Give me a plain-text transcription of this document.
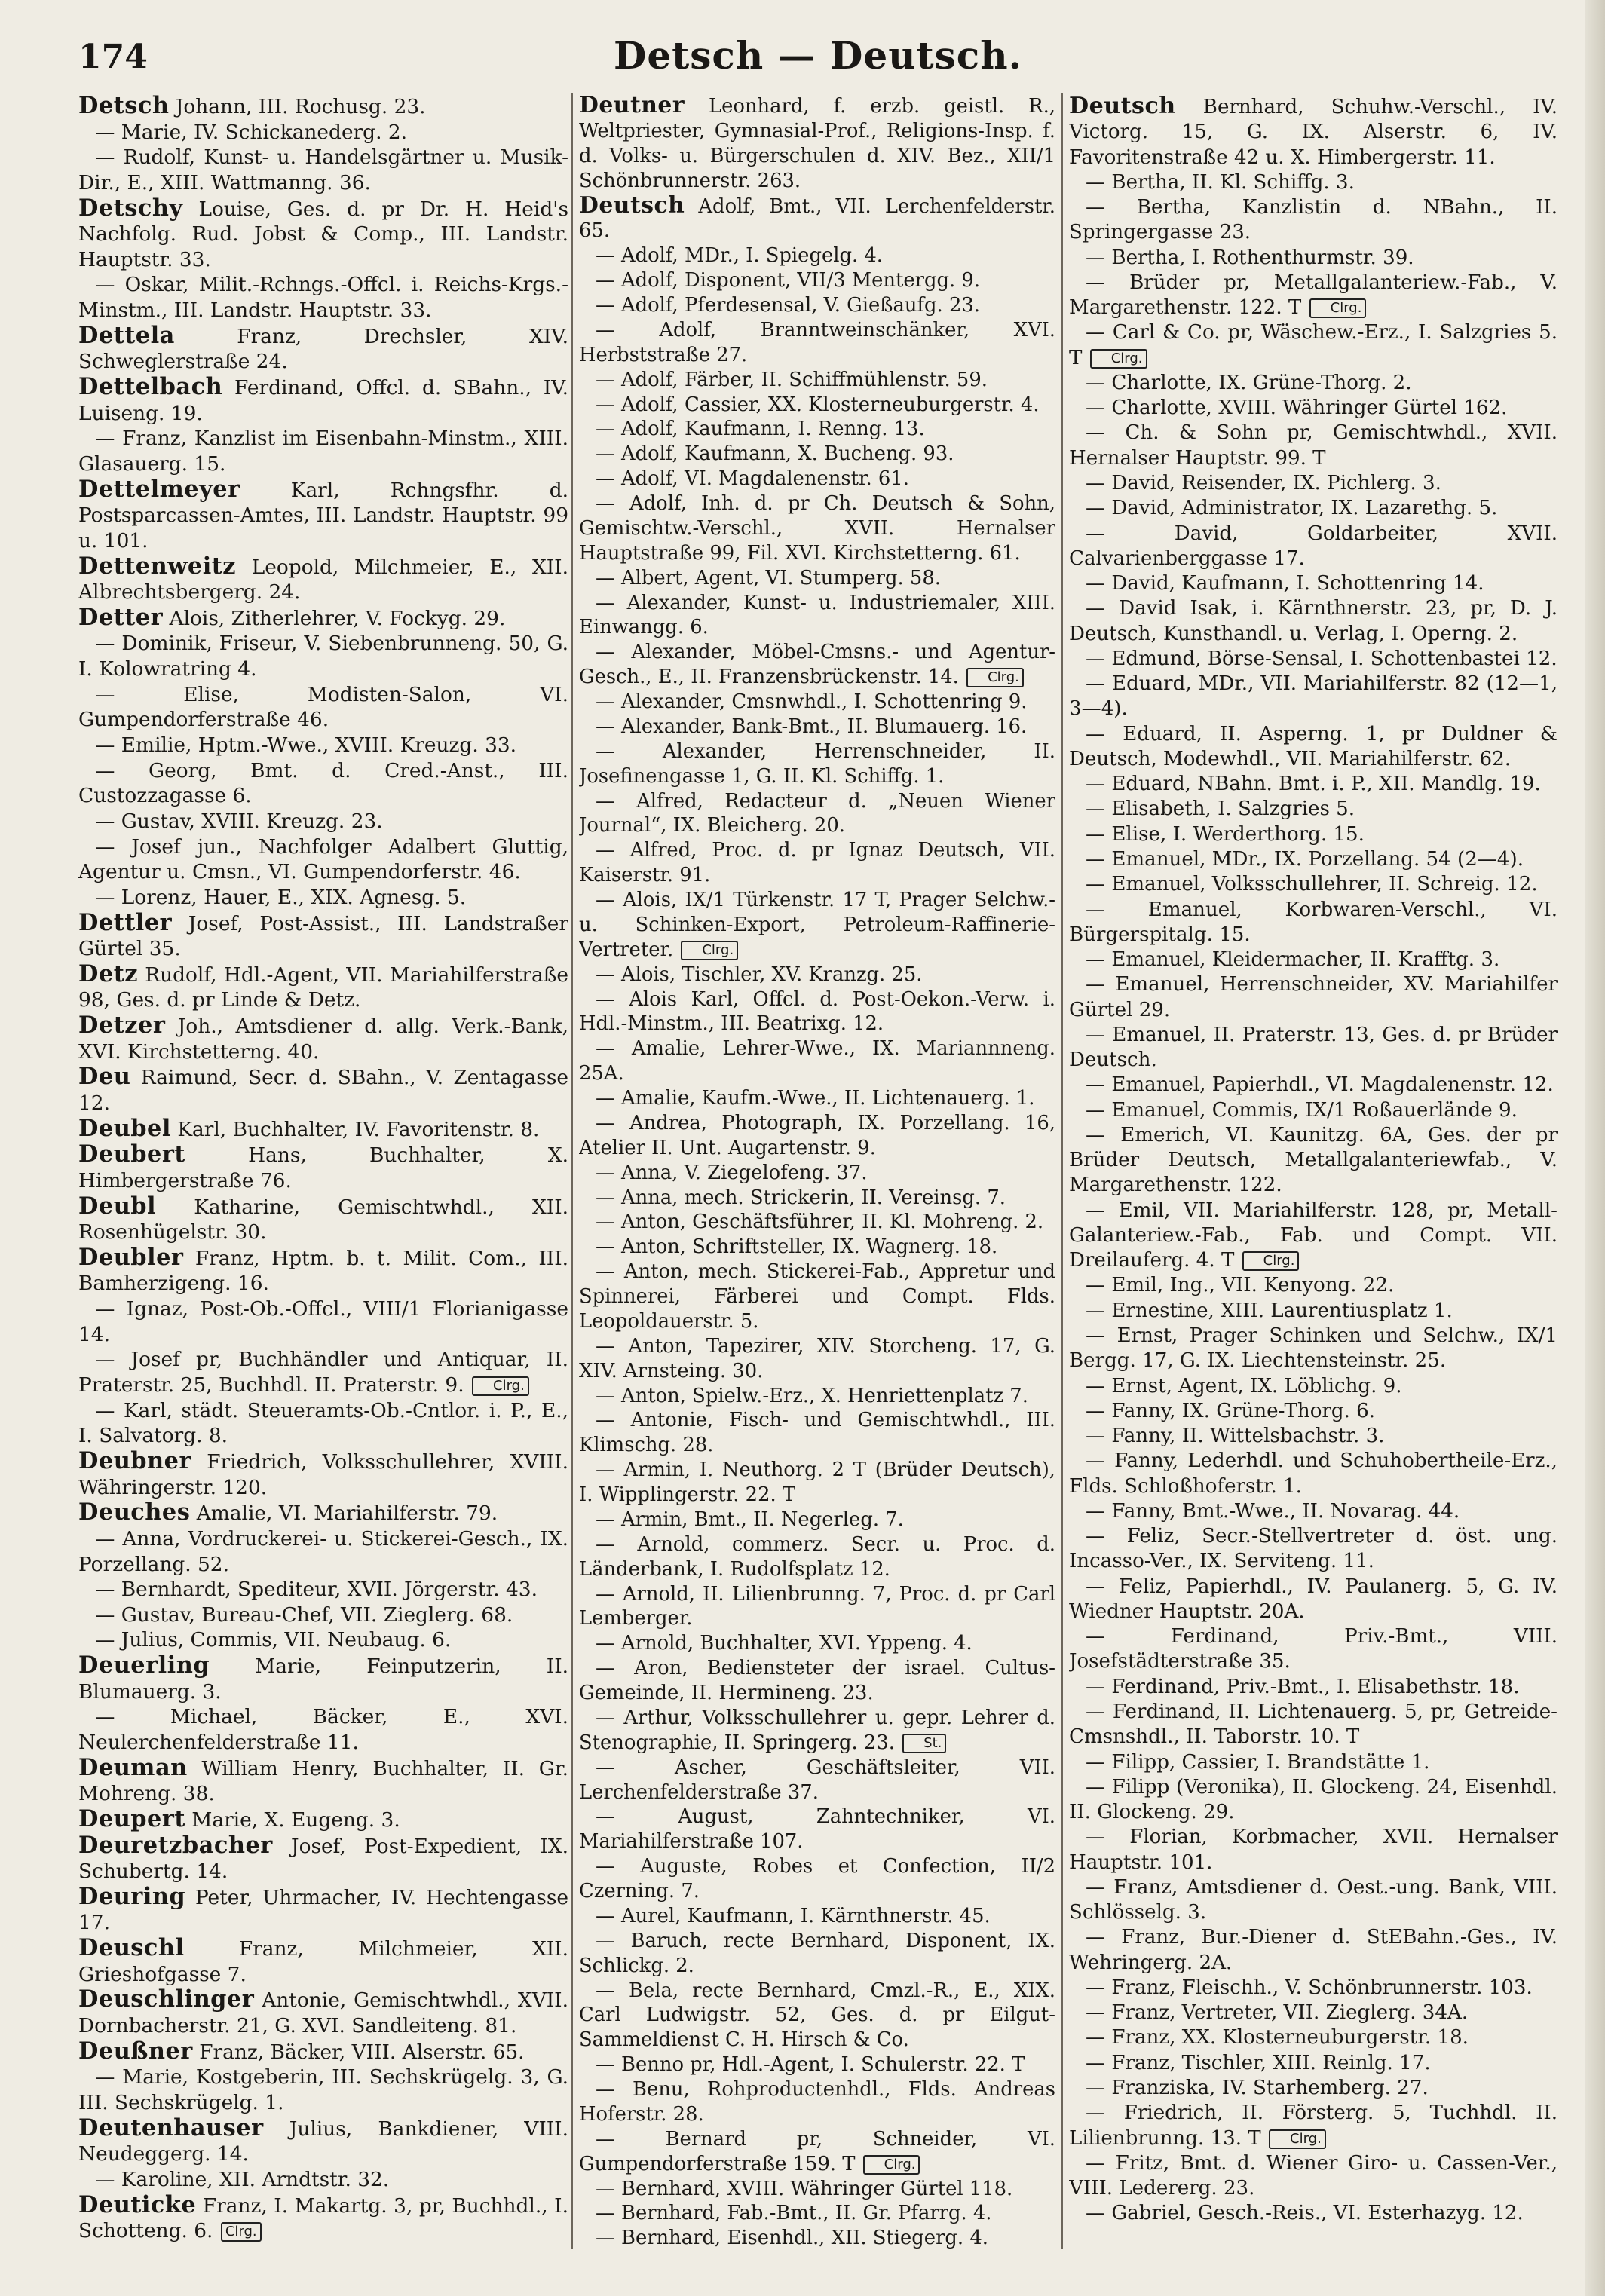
174	Detsch — Deutsch.

Detsch Johann, III. Rochusg. 23.

— Marie, IV. Schickanederg. 2.

— Rudolf, Kunst- u. Handelsgärtner u. Musik-Dir., E., XIII. Wattmanng. 36.

Detschy Louise, Ges. d. pr Dr. H. Heid's Nachfolg. Rud. Jobst & Comp., III. Landstr. Hauptstr. 33.

— Oskar, Milit.-Rchngs.-Offcl. i. Reichs-Krgs.-Minstm., III. Landstr. Hauptstr. 33.

Dettela	Franz, Drechsler, XIV. Schweglerstraße 24.

Dettelbach Ferdinand, Offcl. d. SBahn., IV. Luiseng. 19.

— Franz, Kanzlist im Eisenbahn-Minstm., XIII. Glasauerg. 15.

Dettelmeyer	Karl, Rchngsfhr. d. Postsparcassen-Amtes, III. Landstr. Hauptstr. 99 u. 101.

Dettenweitz Leopold, Milchmeier, E., XII. Albrechtsbergerg. 24.

Detter Alois, Zitherlehrer, V. Fockyg. 29.

— Dominik, Friseur, V. Siebenbrunneng. 50, G. I. Kolowratring 4.

— Elise, Modisten-Salon, VI. Gumpendorferstraße 46.

— Emilie, Hptm.-Wwe., XVIII. Kreuzg. 33.

— Georg, Bmt. d. Cred.-Anst., III. Custozzagasse 6.

— Gustav, XVIII. Kreuzg. 23.

— Josef jun., Nachfolger Adalbert Gluttig, Agentur u. Cmsn., VI. Gumpendorferstr. 46.

— Lorenz, Hauer, E., XIX. Agnesg. 5.

Dettler Josef, Post-Assist., III. Landstraßer Gürtel 35.

Detz Rudolf, Hdl.-Agent, VII. Mariahilferstraße 98, Ges. d. pr Linde & Detz.

Detzer Joh., Amtsdiener d. allg. Verk.-Bank, XVI. Kirchstetterng. 40.

Deu Raimund, Secr. d. SBahn., V. Zentagasse 12.

Deubel Karl, Buchhalter, IV. Favoritenstr. 8.

Deubert	Hans, Buchhalter, X. Himbergerstraße 76.

Deubl Katharine, Gemischtwhdl., XII. Rosenhügelstr. 30.

Deubler Franz, Hptm. b. t. Milit. Com., III. Bamherzigeng. 16.

— Ignaz, Post-Ob.-Offcl., VIII/1 Florianigasse 14.

— Josef pr, Buchhändler und Antiquar, II. Praterstr. 25, Buchhdl. II. Praterstr. 9. Clrg.

— Karl, städt. Steueramts-Ob.-Cntlor. i. P., E., I. Salvatorg. 8.

Deubner Friedrich, Volksschullehrer, XVIII. Währingerstr. 120.

Deuches Amalie, VI. Mariahilferstr. 79.

— Anna, Vordruckerei- u. Stickerei-Gesch., IX. Porzellang. 52.

— Bernhardt, Spediteur, XVII. Jörgerstr. 43.

— Gustav, Bureau-Chef, VII. Zieglerg. 68.

— Julius, Commis, VII. Neubaug. 6.

Deuerling Marie, Feinputzerin, II. Blumauerg. 3.

— Michael, Bäcker, E., XVI. Neulerchenfelderstraße 11.

Deuman William Henry, Buchhalter, II. Gr. Mohreng. 38.

Deupert Marie, X. Eugeng. 3.

Deuretzbacher Josef, Post-Expedient, IX. Schubertg. 14.

Deuring Peter, Uhrmacher, IV. Hechtengasse 17.

Deuschl	Franz, Milchmeier, XII. Grieshofgasse 7.

Deuschlinger Antonie, Gemischtwhdl., XVII. Dornbacherstr. 21, G. XVI. Sandleiteng. 81.

Deußner Franz, Bäcker, VIII. Alserstr. 65.

— Marie, Kostgeberin, III. Sechskrügelg. 3, G. III. Sechskrügelg. 1.

Deutenhauser Julius, Bankdiener, VIII. Neudeggerg. 14.

— Karoline, XII. Arndtstr. 32.

Deuticke Franz, I. Makartg. 3, pr, Buchhdl., I. Schotteng. 6. Clrg.

Deutner Leonhard, f. erzb. geistl. R., Weltpriester, Gymnasial-Prof., Religions-Insp. f. d. Volks- u. Bürgerschulen d. XIV. Bez., XII/1 Schönbrunnerstr. 263.

Deutsch Adolf, Bmt., VII. Lerchenfelderstr. 65.

— Adolf, MDr., I. Spiegelg. 4.

— Adolf, Disponent, VII/3 Mentergg. 9.

— Adolf, Pferdesensal, V. Gießaufg. 23.

— Adolf, Branntweinschänker, XVI. Herbststraße 27.

— Adolf, Färber, II. Schiffmühlenstr. 59.

— Adolf, Cassier, XX. Klosterneuburgerstr. 4.

— Adolf, Kaufmann, I. Renng. 13.

— Adolf, Kaufmann, X. Bucheng. 93.

— Adolf, VI. Magdalenenstr. 61.

— Adolf, Inh. d. pr Ch. Deutsch & Sohn, Gemischtw.-Verschl., XVII. Hernalser Hauptstraße 99, Fil. XVI. Kirchstetterng. 61.

— Albert, Agent, VI. Stumperg. 58.

— Alexander, Kunst- u. Industriemaler, XIII. Einwangg. 6.

— Alexander, Möbel-Cmsns.- und Agentur-Gesch., E., II. Franzensbrückenstr. 14. Clrg.

— Alexander, Cmsnwhdl., I. Schottenring 9.

— Alexander, Bank-Bmt., II. Blumauerg. 16.

— Alexander, Herrenschneider, II. Josefinengasse 1, G. II. Kl. Schiffg. 1.

— Alfred, Redacteur d. „Neuen Wiener Journal“, IX. Bleicherg. 20.

— Alfred, Proc. d. pr Ignaz Deutsch, VII. Kaiserstr. 91.

— Alois, IX/1 Türkenstr. 17 T, Prager Selchw.- u. Schinken-Export, Petroleum-Raffinerie-Vertreter. Clrg.

— Alois, Tischler, XV. Kranzg. 25.

— Alois Karl, Offcl. d. Post-Oekon.-Verw. i. Hdl.-Minstm., III. Beatrixg. 12.

— Amalie, Lehrer-Wwe., IX. Mariannneng. 25A.

— Amalie, Kaufm.-Wwe., II. Lichtenauerg. 1.

— Andrea, Photograph, IX. Porzellang. 16, Atelier II. Unt. Augartenstr. 9.

— Anna, V. Ziegelofeng. 37.

— Anna, mech. Strickerin, II. Vereinsg. 7.

— Anton, Geschäftsführer, II. Kl. Mohreng. 2.

— Anton, Schriftsteller, IX. Wagnerg. 18.

— Anton, mech. Stickerei-Fab., Appretur und Spinnerei, Färberei und Compt. Flds. Leopoldauerstr. 5.

— Anton, Tapezirer, XIV. Storcheng. 17, G. XIV. Arnsteing. 30.

— Anton, Spielw.-Erz., X. Henriettenplatz 7.

— Antonie, Fisch- und Gemischtwhdl., III. Klimschg. 28.

— Armin, I. Neuthorg. 2 T (Brüder Deutsch), I. Wipplingerstr. 22. T

— Armin, Bmt., II. Negerleg. 7.

— Arnold, commerz. Secr. u. Proc. d. Länderbank, I. Rudolfsplatz 12.

— Arnold, II. Lilienbrunng. 7, Proc. d. pr Carl Lemberger.

— Arnold, Buchhalter, XVI. Yppeng. 4.

— Aron, Bediensteter der israel. Cultus-Gemeinde, II. Hermineng. 23.

— Arthur, Volksschullehrer u. gepr. Lehrer d. Stenographie, II. Springerg. 23. St.

— Ascher, Geschäftsleiter, VII. Lerchenfelderstraße 37.

— August, Zahntechniker, VI. Mariahilferstraße 107.

— Auguste, Robes et Confection, II/2 Czerning. 7.

— Aurel, Kaufmann, I. Kärnthnerstr. 45.

— Baruch, recte Bernhard, Disponent, IX. Schlickg. 2.

— Bela, recte Bernhard, Cmzl.-R., E., XIX. Carl Ludwigstr. 52, Ges. d. pr Eilgut-Sammeldienst C. H. Hirsch & Co.

— Benno pr, Hdl.-Agent, I. Schulerstr. 22. T

— Benu, Rohproductenhdl., Flds. Andreas Hoferstr. 28.

— Bernard pr, Schneider, VI. Gumpendorferstraße 159. T Clrg.

— Bernhard, XVIII. Währinger Gürtel 118.

— Bernhard, Fab.-Bmt., II. Gr. Pfarrg. 4.

— Bernhard, Eisenhdl., XII. Stiegerg. 4.

Deutsch Bernhard, Schuhw.-Verschl., IV. Victorg. 15, G. IX. Alserstr. 6, IV. Favoritenstraße 42 u. X. Himbergerstr. 11.

— Bertha, II. Kl. Schiffg. 3.

— Bertha, Kanzlistin d. NBahn., II. Springergasse 23.

— Bertha, I. Rothenthurmstr. 39.

— Brüder pr, Metallgalanteriew.-Fab., V. Margarethenstr. 122. T Clrg.

— Carl & Co. pr, Wäschew.-Erz., I. Salzgries 5. T Clrg.

— Charlotte, IX. Grüne-Thorg. 2.

— Charlotte, XVIII. Währinger Gürtel 162.

— Ch. & Sohn pr, Gemischtwhdl., XVII. Hernalser Hauptstr. 99. T

— David, Reisender, IX. Pichlerg. 3.

— David, Administrator, IX. Lazarethg. 5.

— David, Goldarbeiter, XVII. Calvarienberggasse 17.

— David, Kaufmann, I. Schottenring 14.

— David Isak, i. Kärnthnerstr. 23, pr, D. J. Deutsch, Kunsthandl. u. Verlag, I. Operng. 2.

— Edmund, Börse-Sensal, I. Schottenbastei 12.

— Eduard, MDr., VII. Mariahilferstr. 82 (12—1, 3—4).

— Eduard, II. Asperng. 1, pr Duldner & Deutsch, Modewhdl., VII. Mariahilferstr. 62.

— Eduard, NBahn. Bmt. i. P., XII. Mandlg. 19.

— Elisabeth, I. Salzgries 5.

— Elise, I. Werderthorg. 15.

— Emanuel, MDr., IX. Porzellang. 54 (2—4).

— Emanuel, Volksschullehrer, II. Schreig. 12.

— Emanuel, Korbwaren-Verschl., VI. Bürgerspitalg. 15.

— Emanuel, Kleidermacher, II. Krafftg. 3.

— Emanuel, Herrenschneider, XV. Mariahilfer Gürtel 29.

— Emanuel, II. Praterstr. 13, Ges. d. pr Brüder Deutsch.

— Emanuel, Papierhdl., VI. Magdalenenstr. 12.

— Emanuel, Commis, IX/1 Roßauerlände 9.

— Emerich, VI. Kaunitzg. 6A, Ges. der pr Brüder Deutsch, Metallgalanteriewfab., V. Margarethenstr. 122.

— Emil, VII. Mariahilferstr. 128, pr, Metall-Galanteriew.-Fab., Fab. und Compt. VII. Dreilauferg. 4. T Clrg.

— Emil, Ing., VII. Kenyong. 22.

— Ernestine, XIII. Laurentiusplatz 1.

— Ernst, Prager Schinken und Selchw., IX/1 Bergg. 17, G. IX. Liechtensteinstr. 25.

— Ernst, Agent, IX. Löblichg. 9.

— Fanny, IX. Grüne-Thorg. 6.

— Fanny, II. Wittelsbachstr. 3.

— Fanny, Lederhdl. und Schuhobertheile-Erz., Flds. Schloßhoferstr. 1.

— Fanny, Bmt.-Wwe., II. Novarag. 44.

— Feliz, Secr.-Stellvertreter d. öst. ung. Incasso-Ver., IX. Serviteng. 11.

— Feliz, Papierhdl., IV. Paulanerg. 5, G. IV. Wiedner Hauptstr. 20A.

— Ferdinand, Priv.-Bmt., VIII. Josefstädterstraße 35.

— Ferdinand, Priv.-Bmt., I. Elisabethstr. 18.

— Ferdinand, II. Lichtenauerg. 5, pr, Getreide-Cmsnshdl., II. Taborstr. 10. T

— Filipp, Cassier, I. Brandstätte 1.

— Filipp (Veronika), II. Glockeng. 24, Eisenhdl. II. Glockeng. 29.

— Florian, Korbmacher, XVII. Hernalser Hauptstr. 101.

— Franz, Amtsdiener d. Oest.-ung. Bank, VIII. Schlösselg. 3.

— Franz, Bur.-Diener d. StEBahn.-Ges., IV. Wehringerg. 2A.

— Franz, Fleischh., V. Schönbrunnerstr. 103.

— Franz, Vertreter, VII. Zieglerg. 34A.

— Franz, XX. Klosterneuburgerstr. 18.

— Franz, Tischler, XIII. Reinlg. 17.

— Franziska, IV. Starhemberg. 27.

— Friedrich, II. Försterg. 5, Tuchhdl. II. Lilienbrunng. 13. T Clrg.

— Fritz, Bmt. d. Wiener Giro- u. Cassen-Ver., VIII. Ledererg. 23.

— Gabriel, Gesch.-Reis., VI. Esterhazyg. 12.
